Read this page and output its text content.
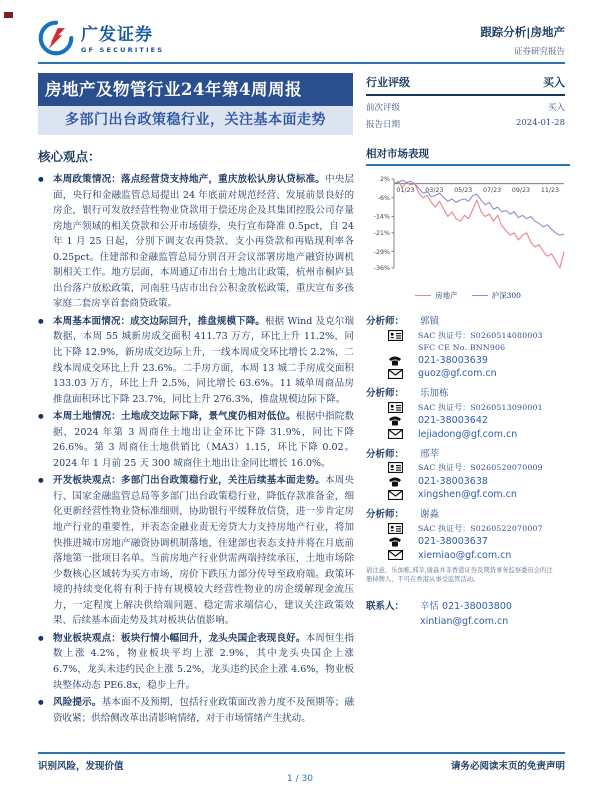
广发证券
GF SECURITIES
跟踪分析|房地产
证券研究报告
房地产及物管行业24年第4周周报
多部门出台政策稳行业，关注基本面走势
行业评级	买入
前次评级	买入
报告日期	2024-01-28
相对市场表现
2%
-6%
-14%
-21%
-29%
-36%
01/23 03/23 05/23 07/23 09/23 11/23
房地产	沪深300
分析师：	郭镇
SAC 执证号：S0260514080003
SFC CE No. BNN906
021-38003639
guoz@gf.com.cn
分析师：	乐加栋
SAC 执证号：S0260513090001
021-38003642
lejiadong@gf.com.cn
分析师：	邢莘
SAC 执证号：S0260520070009
021-38003638
xingshen@gf.com.cn
分析师：	谢淼
SAC 执证号：S0260522070007
021-38003637
xiemiao@gf.com.cn
请注意，乐加栋,邢莘,谢淼并非香港证券及期货事务监察委员会的注册持牌人，不可在香港从事受监管活动。
联系人：	辛恬 021-38003800
xintian@gf.com.cn
核心观点：
● 本周政策情况：落点经营贷支持地产，重庆放松认房认贷标准。中央层面，央行和金融监管总局提出 24 年底前对规范经营、发展前景良好的房企，银行可发放经营性物业贷款用于偿还房企及其集团控股公司存量房地产领域的相关贷款和公开市场债券，央行宣布降准 0.5pct，自 24 年 1 月 25 日起，分别下调支农再贷款、支小再贷款和再贴现利率各 0.25pct。住建部和金融监管总局分别召开会议部署房地产融资协调机制相关工作。地方层面，本周通辽市出台土地出让政策，杭州市桐庐县出台落户放松政策，河南驻马店市出台公积金放松政策，重庆宣布多孩家庭二套房享首套商贷政策。
● 本周基本面情况：成交边际回升，推盘规模下降。根据 Wind 及克尔瑞数据，本周 55 城新房成交面积 411.73 万方，环比上升 11.2%，同比下降 12.9%，新房成交边际上升，一线本周成交环比增长 2.2%，二线本周成交环比上升 23.6%。二手房方面，本周 13 城二手房成交面积 133.03 万方，环比上升 2.5%，同比增长 63.6%。11 城单周商品房推盘面积环比下降 23.7%，同比上升 276.3%，推盘规模边际下降。
● 本周土地情况：土地成交边际下降，景气度仍相对低位。根据中指院数据，2024 年第 3 周商住土地出让金环比下降 31.9%，同比下降 26.6%。第 3 周商住土地供销比（MA3）1.15，环比下降 0.02。2024 年 1 月前 25 天 300 城商住土地出让金同比增长 16.0%。
● 开发板块观点：多部门出台政策稳行业，关注后续基本面走势。本周央行、国家金融监管总局等多部门出台政策稳行业，降低存款准备金，细化更新经营性物业贷标准细则，协助银行平缓释放信贷，进一步肯定房地产行业的重要性，并表态金融业责无旁贷大力支持房地产行业，将加快推进城市房地产融资协调机制落地，住建部也表态支持并将在月底前落地第一批项目名单。当前房地产行业供需两端持续承压，土地市场除少数核心区域转为买方市场，房价下跌压力部分传导至政府端。政策环境的持续变化将有利于持有规模较大经营性物业的房企缓解现金流压力，一定程度上解决供给端问题、稳定需求端信心，建议关注政策效果、后续基本面走势及其对板块估值影响。
● 物业板块观点：板块行情小幅回升，龙头央国企表现良好。本周恒生指数上涨 4.2%，物业板块平均上涨 2.9%，其中龙头央国企上涨 6.7%，龙头未违约民企上涨 5.2%，龙头违约民企上涨 4.6%，物业板块整体动态 PE6.8x，稳步上升。
● 风险提示。基本面不及预期，包括行业政策面改善力度不及预期等；融资收紧；供给侧改革出清影响情绪，对于市场情绪产生扰动。
识别风险，发现价值	请务必阅读末页的免责声明
1 / 30
